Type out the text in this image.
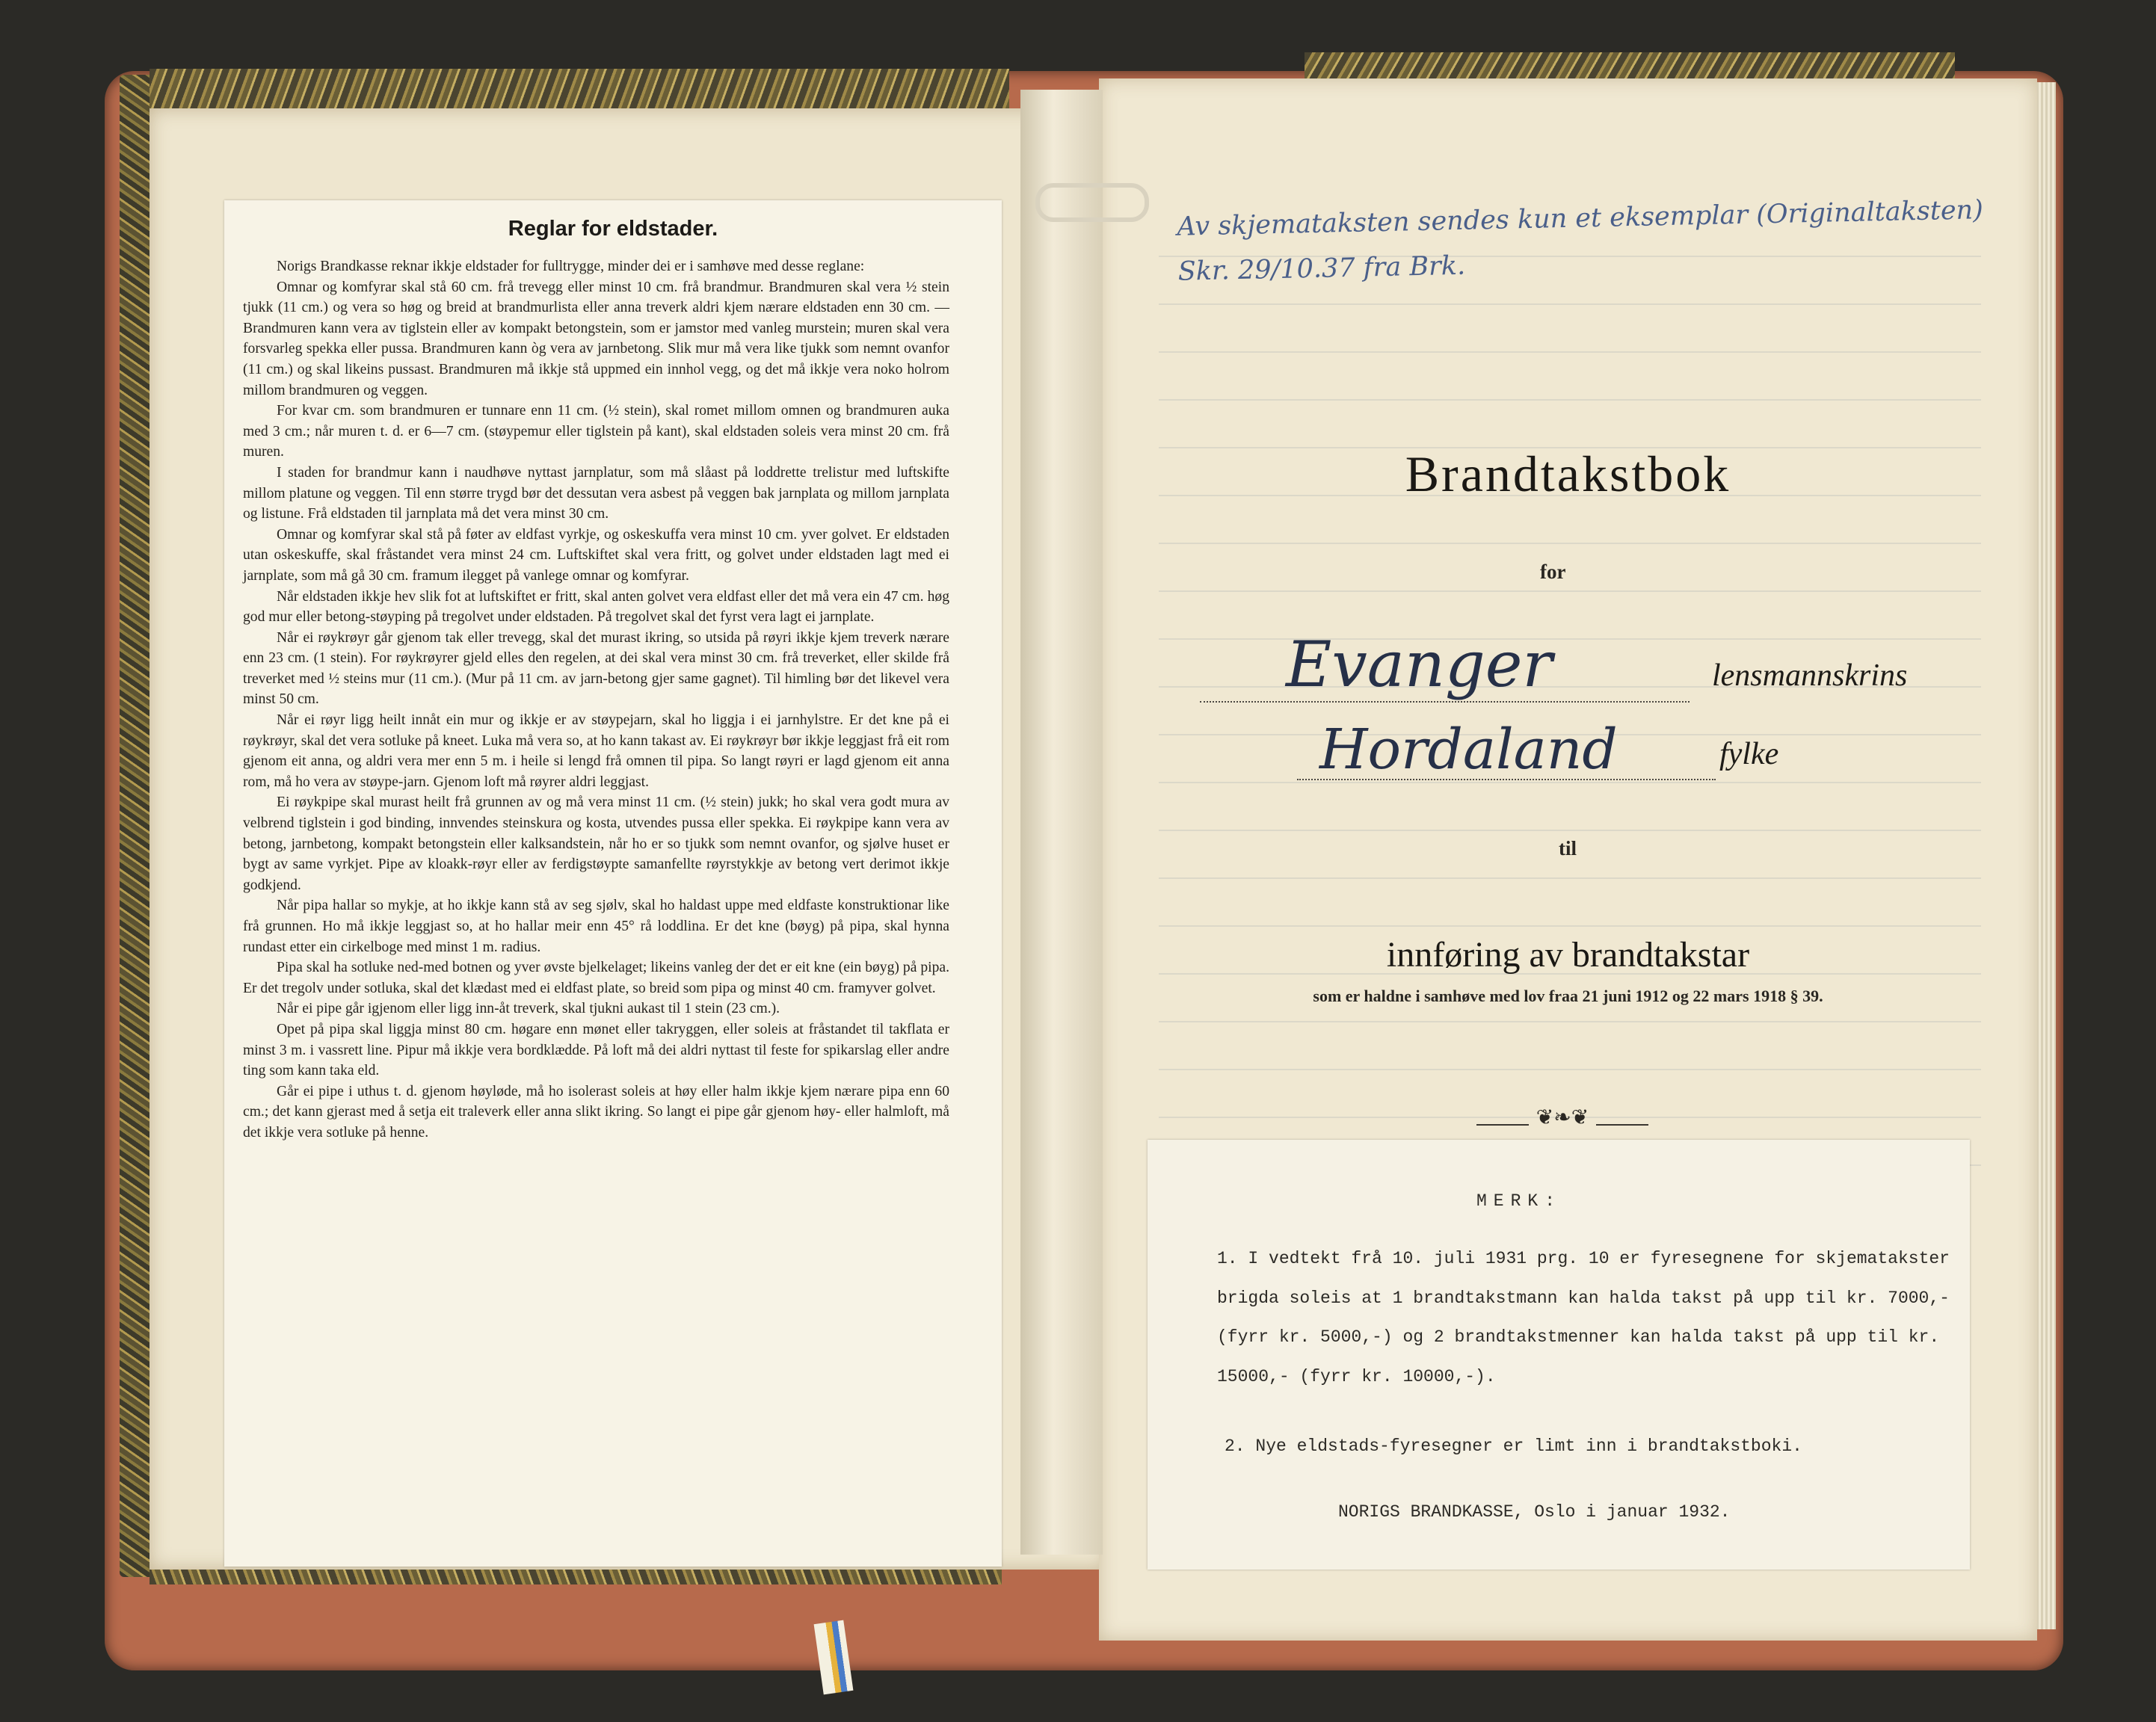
Reglar for eldstader.

Norigs Brandkasse reknar ikkje eldstader for fulltrygge, minder dei er i samhøve med desse reglane:

Omnar og komfyrar skal stå 60 cm. frå trevegg eller minst 10 cm. frå brandmur. Brandmuren skal vera ½ stein tjukk (11 cm.) og vera so høg og breid at brandmurlista eller anna treverk aldri kjem nærare eldstaden enn 30 cm. — Brandmuren kann vera av tiglstein eller av kompakt betongstein, som er jamstor med vanleg murstein; muren skal vera forsvarleg spekka eller pussa. Brandmuren kann òg vera av jarnbetong. Slik mur må vera like tjukk som nemnt ovanfor (11 cm.) og skal likeins pussast. Brandmuren må ikkje stå uppmed ein innhol vegg, og det må ikkje vera noko holrom millom brandmuren og veggen.

For kvar cm. som brandmuren er tunnare enn 11 cm. (½ stein), skal romet millom omnen og brandmuren auka med 3 cm.; når muren t. d. er 6—7 cm. (støypemur eller tiglstein på kant), skal eldstaden soleis vera minst 20 cm. frå muren.

I staden for brandmur kann i naudhøve nyttast jarnplatur, som må slåast på loddrette trelistur med luftskifte millom platune og veggen. Til enn større trygd bør det dessutan vera asbest på veggen bak jarnplata og millom jarnplata og listune. Frå eldstaden til jarnplata må det vera minst 30 cm.

Omnar og komfyrar skal stå på føter av eldfast vyrkje, og oskeskuffa vera minst 10 cm. yver golvet. Er eldstaden utan oskeskuffe, skal fråstandet vera minst 24 cm. Luftskiftet skal vera fritt, og golvet under eldstaden lagt med ei jarnplate, som må gå 30 cm. framum ilegget på vanlege omnar og komfyrar.

Når eldstaden ikkje hev slik fot at luftskiftet er fritt, skal anten golvet vera eldfast eller det må vera ein 47 cm. høg god mur eller betong-støyping på tregolvet under eldstaden. På tregolvet skal det fyrst vera lagt ei jarnplate.

Når ei røykrøyr går gjenom tak eller trevegg, skal det murast ikring, so utsida på røyri ikkje kjem treverk nærare enn 23 cm. (1 stein). For røykrøyrer gjeld elles den regelen, at dei skal vera minst 30 cm. frå treverket, eller skilde frå treverket med ½ steins mur (11 cm.). (Mur på 11 cm. av jarn-betong gjer same gagnet). Til himling bør det likevel vera minst 50 cm.

Når ei røyr ligg heilt innåt ein mur og ikkje er av støypejarn, skal ho liggja i ei jarnhylstre. Er det kne på ei røykrøyr, skal det vera sotluke på kneet. Luka må vera so, at ho kann takast av. Ei røykrøyr bør ikkje leggjast frå eit rom gjenom eit anna, og aldri vera mer enn 5 m. i heile si lengd frå omnen til pipa. So langt røyri er lagd gjenom eit anna rom, må ho vera av støype-jarn. Gjenom loft må røyrer aldri leggjast.

Ei røykpipe skal murast heilt frå grunnen av og må vera minst 11 cm. (½ stein) jukk; ho skal vera godt mura av velbrend tiglstein i god binding, innvendes steinskura og kosta, utvendes pussa eller spekka. Ei røykpipe kann vera av betong, jarnbetong, kompakt betongstein eller kalksandstein, når ho er so tjukk som nemnt ovanfor, og sjølve huset er bygt av same vyrkjet. Pipe av kloakk-røyr eller av ferdigstøypte samanfellte røyrstykkje av betong vert derimot ikkje godkjend.

Når pipa hallar so mykje, at ho ikkje kann stå av seg sjølv, skal ho haldast uppe med eldfaste konstruktionar like frå grunnen. Ho må ikkje leggjast so, at ho hallar meir enn 45° rå loddlina. Er det kne (bøyg) på pipa, skal hynna rundast etter ein cirkelboge med minst 1 m. radius.

Pipa skal ha sotluke ned-med botnen og yver øvste bjelkelaget; likeins vanleg der det er eit kne (ein bøyg) på pipa. Er det tregolv under sotluka, skal det klædast med ei eldfast plate, so breid som pipa og minst 40 cm. framyver golvet.

Når ei pipe går igjenom eller ligg inn-åt treverk, skal tjukni aukast til 1 stein (23 cm.).

Opet på pipa skal liggja minst 80 cm. høgare enn mønet eller takryggen, eller soleis at fråstandet til takflata er minst 3 m. i vassrett line. Pipur må ikkje vera bordklædde. På loft må dei aldri nyttast til feste for spikarslag eller andre ting som kann taka eld.

Går ei pipe i uthus t. d. gjenom høyløde, må ho isolerast soleis at høy eller halm ikkje kjem nærare pipa enn 60 cm.; det kann gjerast med å setja eit traleverk eller anna slikt ikring. So langt ei pipe går gjenom høy- eller halmloft, må det ikkje vera sotluke på henne.

Av skjemataksten sendes kun et eksemplar (Originaltaksten) Skr. 29/10.37 fra Brk.
Brandtakstbok
for
Evanger	lensmannskrins
Hordaland	fylke
til
innføring av brandtakstar
som er haldne i samhøve med lov fraa 21 juni 1912 og 22 mars 1918 § 39.
❦❧❦
MERK:
1. I vedtekt frå 10. juli 1931 prg. 10 er fyresegnene for skjematakster brigda soleis at 1 brandtakstmann kan halda takst på upp til kr. 7000,- (fyrr kr. 5000,-) og 2 brandtakstmenner kan halda takst på upp til kr. 15000,- (fyrr kr. 10000,-).
2. Nye eldstads-fyresegner er limt inn i brandtakstboki.
NORIGS BRANDKASSE, Oslo i januar 1932.
